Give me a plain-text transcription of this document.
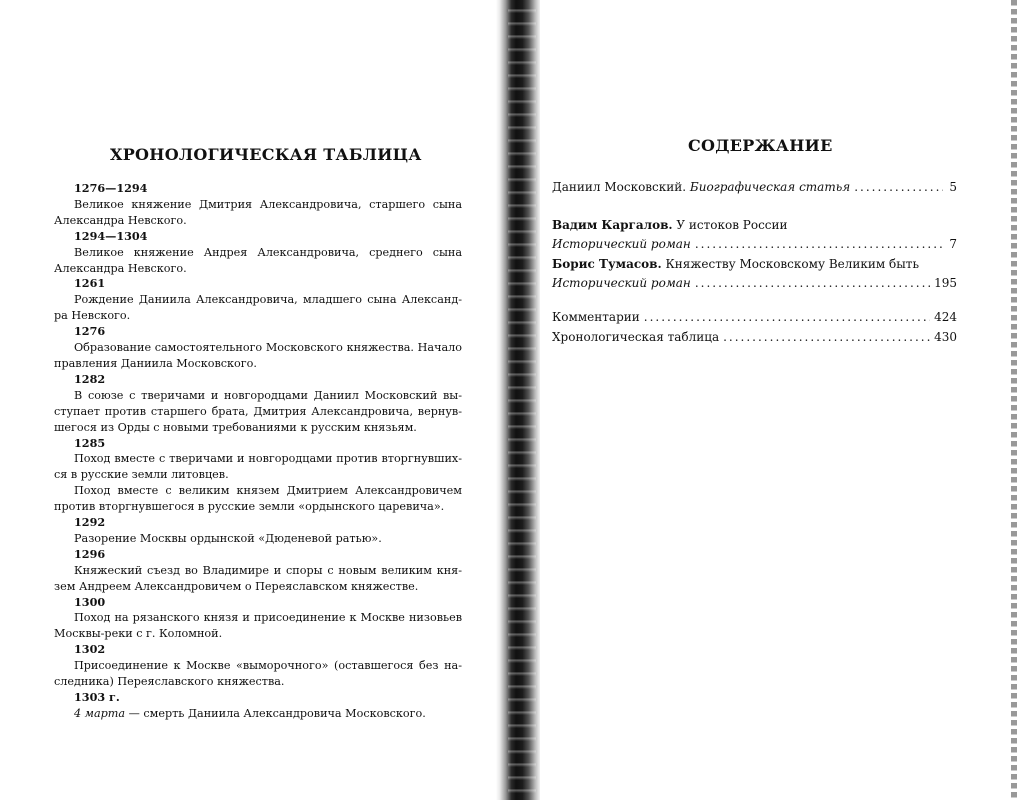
ХРОНОЛОГИЧЕСКАЯ ТАБЛИЦА
1276—1294
Великое княжение Дмитрия Александровича, старшего сына Александра Невского.
1294—1304
Великое княжение Андрея Александровича, среднего сына Александра Невского.
1261
Рождение Даниила Александровича, младшего сына Александра Невского.
1276
Образование самостоятельного Московского княжества. Начало правления Даниила Московского.
1282
В союзе с тверичами и новгородцами Даниил Московский выступает против старшего брата, Дмитрия Александровича, вернувшегося из Орды с новыми требованиями к русским князьям.
1285
Поход вместе с тверичами и новгородцами против вторгнувшихся в русские земли литовцев.
Поход вместе с великим князем Дмитрием Александровичем против вторгнувшегося в русские земли «ордынского царевича».
1292
Разорение Москвы ордынской «Дюденевой ратью».
1296
Княжеский съезд во Владимире и споры с новым великим князем Андреем Александровичем о Переяславском княжестве.
1300
Поход на рязанского князя и присоединение к Москве низовьев Москвы-реки с г. Коломной.
1302
Присоединение к Москве «выморочного» (оставшегося без наследника) Переяславского княжества.
1303 г.
4 марта — смерть Даниила Александровича Московского.
СОДЕРЖАНИЕ
Даниил Московский. Биографическая статья .....	5
Вадим Каргалов. У истоков России
Исторический роман .....	7
Борис Тумасов. Княжеству Московскому Великим быть
Исторический роман .....	195
Комментарии .....	424
Хронологическая таблица .....	430
